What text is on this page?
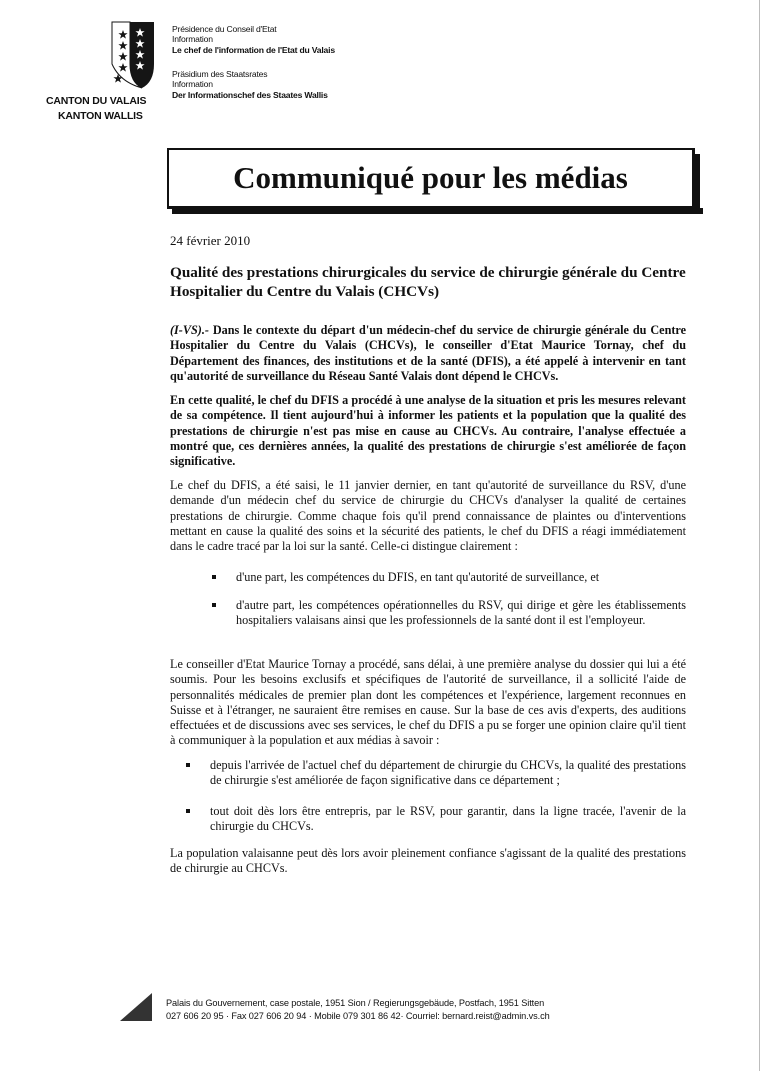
CANTON DU VALAIS
KANTON WALLIS
Présidence du Conseil d'Etat
Information
Le chef de l'information de l'Etat du Valais
Präsidium des Staatsrates
Information
Der Informationschef des Staates Wallis
Communiqué pour les médias
24 février 2010
Qualité des prestations chirurgicales du service de chirurgie générale du Centre Hospitalier du Centre du Valais (CHCVs)
(I-VS).- Dans le contexte du départ d'un médecin-chef du service de chirurgie générale du Centre Hospitalier du Centre du Valais (CHCVs), le conseiller d'Etat Maurice Tornay, chef du Département des finances, des institutions et de la santé (DFIS), a été appelé à intervenir en tant qu'autorité de surveillance du Réseau Santé Valais dont dépend le CHCVs.
En cette qualité, le chef du DFIS a procédé à une analyse de la situation et pris les mesures relevant de sa compétence. Il tient aujourd'hui à informer les patients et la population que la qualité des prestations de chirurgie n'est pas mise en cause au CHCVs. Au contraire, l'analyse effectuée a montré que, ces dernières années, la qualité des prestations de chirurgie s'est améliorée de façon significative.
Le chef du DFIS, a été saisi, le 11 janvier dernier, en tant qu'autorité de surveillance du RSV, d'une demande d'un médecin chef du service de chirurgie du CHCVs d'analyser la qualité de certaines prestations de chirurgie. Comme chaque fois qu'il prend connaissance de plaintes ou d'interventions mettant en cause la qualité des soins et la sécurité des patients, le chef du DFIS a réagi immédiatement dans le cadre tracé par la loi sur la santé. Celle-ci distingue clairement :
d'une part, les compétences du DFIS, en tant qu'autorité de surveillance, et
d'autre part, les compétences opérationnelles du RSV, qui dirige et gère les établissements hospitaliers valaisans ainsi que les professionnels de la santé dont il est l'employeur.
Le conseiller d'Etat Maurice Tornay a procédé, sans délai, à une première analyse du dossier qui lui a été soumis. Pour les besoins exclusifs et spécifiques de l'autorité de surveillance, il a sollicité l'aide de personnalités médicales de premier plan dont les compétences et l'expérience, largement reconnues en Suisse et à l'étranger, ne sauraient être remises en cause. Sur la base de ces avis d'experts, des auditions effectuées et de discussions avec ses services, le chef du DFIS a pu se forger une opinion claire qu'il tient à communiquer à la population et aux médias à savoir :
depuis l'arrivée de l'actuel chef du département de chirurgie du CHCVs, la qualité des prestations de chirurgie s'est améliorée de façon significative dans ce département ;
tout doit dès lors être entrepris, par le RSV, pour garantir, dans la ligne tracée, l'avenir de la chirurgie du CHCVs.
La population valaisanne peut dès lors avoir pleinement confiance s'agissant de la qualité des prestations de chirurgie au CHCVs.
Palais du Gouvernement, case postale, 1951 Sion / Regierungsgebäude, Postfach, 1951 Sitten
027 606 20 95 · Fax 027 606 20 94 · Mobile 079 301 86 42· Courriel: bernard.reist@admin.vs.ch
